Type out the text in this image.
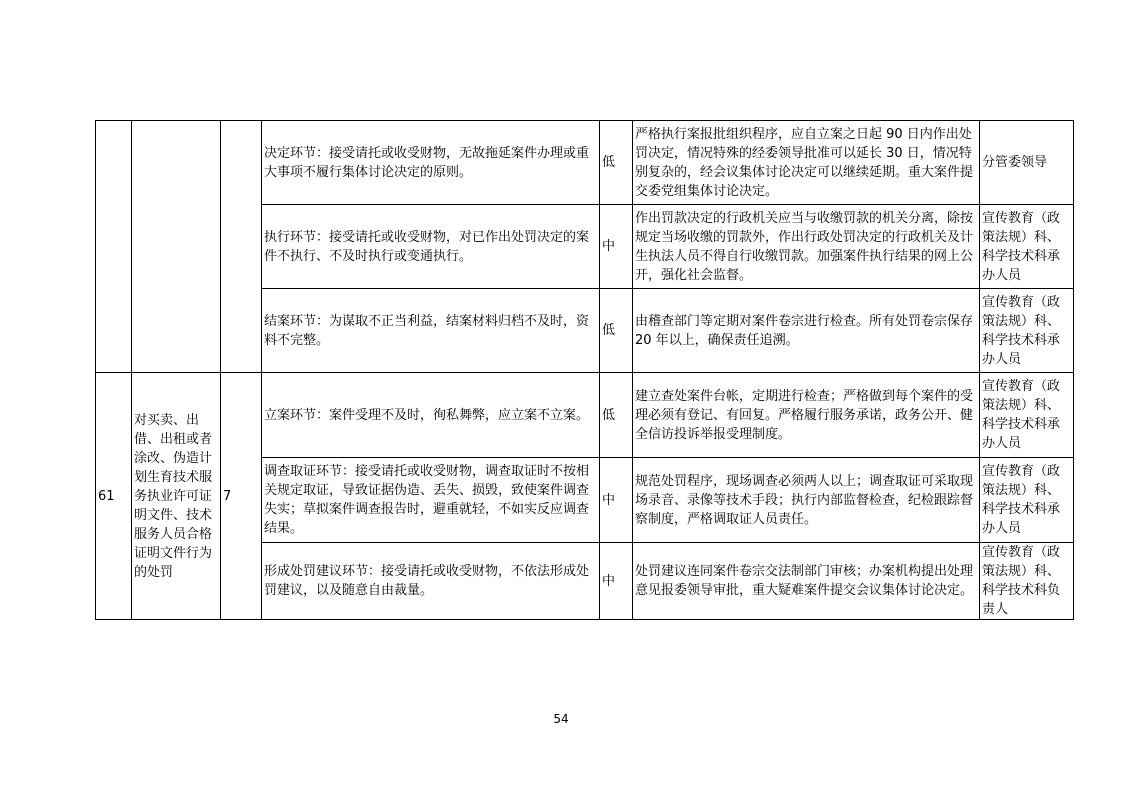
			决定环节：接受请托或收受财物，无故拖延案件办理或重大事项不履行集体讨论决定的原则。	低	严格执行案报批组织程序，应自立案之日起 90 日内作出处罚决定，情况特殊的经委领导批准可以延长 30 日，情况特别复杂的，经会议集体讨论决定可以继续延期。重大案件提交委党组集体讨论决定。	分管委领导
			执行环节：接受请托或收受财物，对已作出处罚决定的案件不执行、不及时执行或变通执行。	中	作出罚款决定的行政机关应当与收缴罚款的机关分离，除按规定当场收缴的罚款外，作出行政处罚决定的行政机关及计生执法人员不得自行收缴罚款。加强案件执行结果的网上公开，强化社会监督。	宣传教育（政策法规）科、科学技术科承办人员
			结案环节：为谋取不正当利益，结案材料归档不及时，资料不完整。	低	由稽查部门等定期对案件卷宗进行检查。所有处罚卷宗保存 20 年以上，确保责任追溯。	宣传教育（政策法规）科、科学技术科承办人员
61	对买卖、出借、出租或者涂改、伪造计划生育技术服务执业许可证明文件、技术服务人员合格证明文件行为的处罚	7	立案环节：案件受理不及时，徇私舞弊，应立案不立案。	低	建立查处案件台帐，定期进行检查；严格做到每个案件的受理必须有登记、有回复。严格履行服务承诺，政务公开、健全信访投诉举报受理制度。	宣传教育（政策法规）科、科学技术科承办人员
			调查取证环节：接受请托或收受财物，调查取证时不按相关规定取证，导致证据伪造、丢失、损毁，致使案件调查失实；草拟案件调查报告时，避重就轻，不如实反应调查结果。	中	规范处罚程序，现场调查必须两人以上；调查取证可采取现场录音、录像等技术手段；执行内部监督检查，纪检跟踪督察制度，严格调取证人员责任。	宣传教育（政策法规）科、科学技术科承办人员
			形成处罚建议环节：接受请托或收受财物，不依法形成处罚建议，以及随意自由裁量。	中	处罚建议连同案件卷宗交法制部门审核；办案机构提出处理意见报委领导审批，重大疑难案件提交会议集体讨论决定。	宣传教育（政策法规）科、科学技术科负责人
54
